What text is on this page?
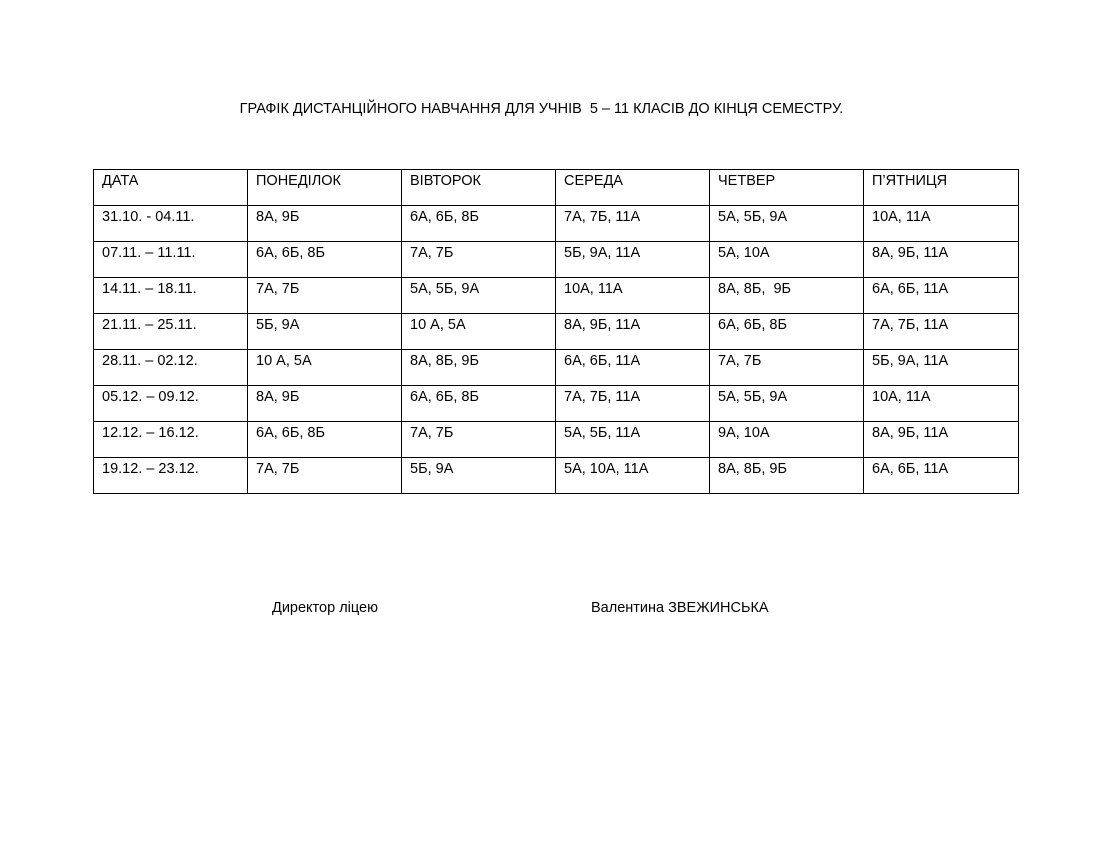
ГРАФІК ДИСТАНЦІЙНОГО НАВЧАННЯ ДЛЯ УЧНІВ  5 – 11 КЛАСІВ ДО КІНЦЯ СЕМЕСТРУ.
ДАТА	ПОНЕДІЛОК	ВІВТОРОК	СЕРЕДА	ЧЕТВЕР	П’ЯТНИЦЯ

31.10. - 04.11.	8А, 9Б	6А, 6Б, 8Б	7А, 7Б, 11А	5А, 5Б, 9А	10А, 11А

07.11. – 11.11.	6А, 6Б, 8Б	7А, 7Б	5Б, 9А, 11А	5А, 10А	8А, 9Б, 11А

14.11. – 18.11.	7А, 7Б	5А, 5Б, 9А	10А, 11А	8А, 8Б,  9Б	6А, 6Б, 11А

21.11. – 25.11.	5Б, 9А	10 А, 5А	8А, 9Б, 11А	6А, 6Б, 8Б	7А, 7Б, 11А

28.11. – 02.12.	10 А, 5А	8А, 8Б, 9Б	6А, 6Б, 11А	7А, 7Б	5Б, 9А, 11А

05.12. – 09.12.	8А, 9Б	6А, 6Б, 8Б	7А, 7Б, 11А	5А, 5Б, 9А	10А, 11А

12.12. – 16.12.	6А, 6Б, 8Б	7А, 7Б	5А, 5Б, 11А	9А, 10А	8А, 9Б, 11А

19.12. – 23.12.	7А, 7Б	5Б, 9А	5А, 10А, 11А	8А, 8Б, 9Б	6А, 6Б, 11А
Директор ліцею	Валентина ЗВЕЖИНСЬКА
